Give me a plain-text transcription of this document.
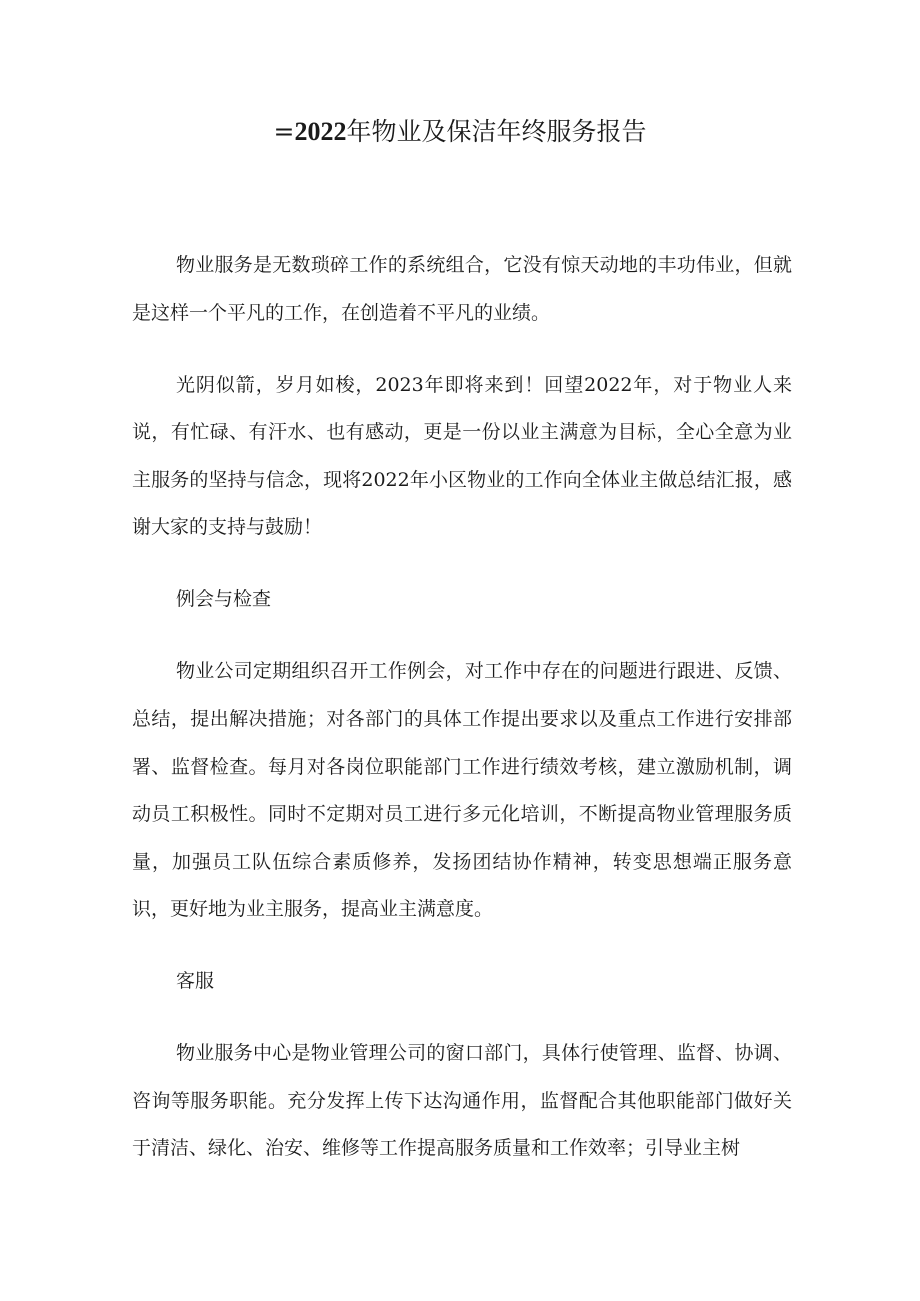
=2022年物业及保洁年终服务报告

物业服务是无数琐碎工作的系统组合，它没有惊天动地的丰功伟业，但就是这样一个平凡的工作，在创造着不平凡的业绩。

光阴似箭，岁月如梭，2023年即将来到！回望2022年，对于物业人来说，有忙碌、有汗水、也有感动，更是一份以业主满意为目标，全心全意为业主服务的坚持与信念，现将2022年小区物业的工作向全体业主做总结汇报，感谢大家的支持与鼓励！

例会与检查

物业公司定期组织召开工作例会，对工作中存在的问题进行跟进、反馈、总结，提出解决措施；对各部门的具体工作提出要求以及重点工作进行安排部署、监督检查。每月对各岗位职能部门工作进行绩效考核，建立激励机制，调动员工积极性。同时不定期对员工进行多元化培训，不断提高物业管理服务质量，加强员工队伍综合素质修养，发扬团结协作精神，转变思想端正服务意识，更好地为业主服务，提高业主满意度。

客服

物业服务中心是物业管理公司的窗口部门，具体行使管理、监督、协调、咨询等服务职能。充分发挥上传下达沟通作用，监督配合其他职能部门做好关于清洁、绿化、治安、维修等工作提高服务质量和工作效率；引导业主树
